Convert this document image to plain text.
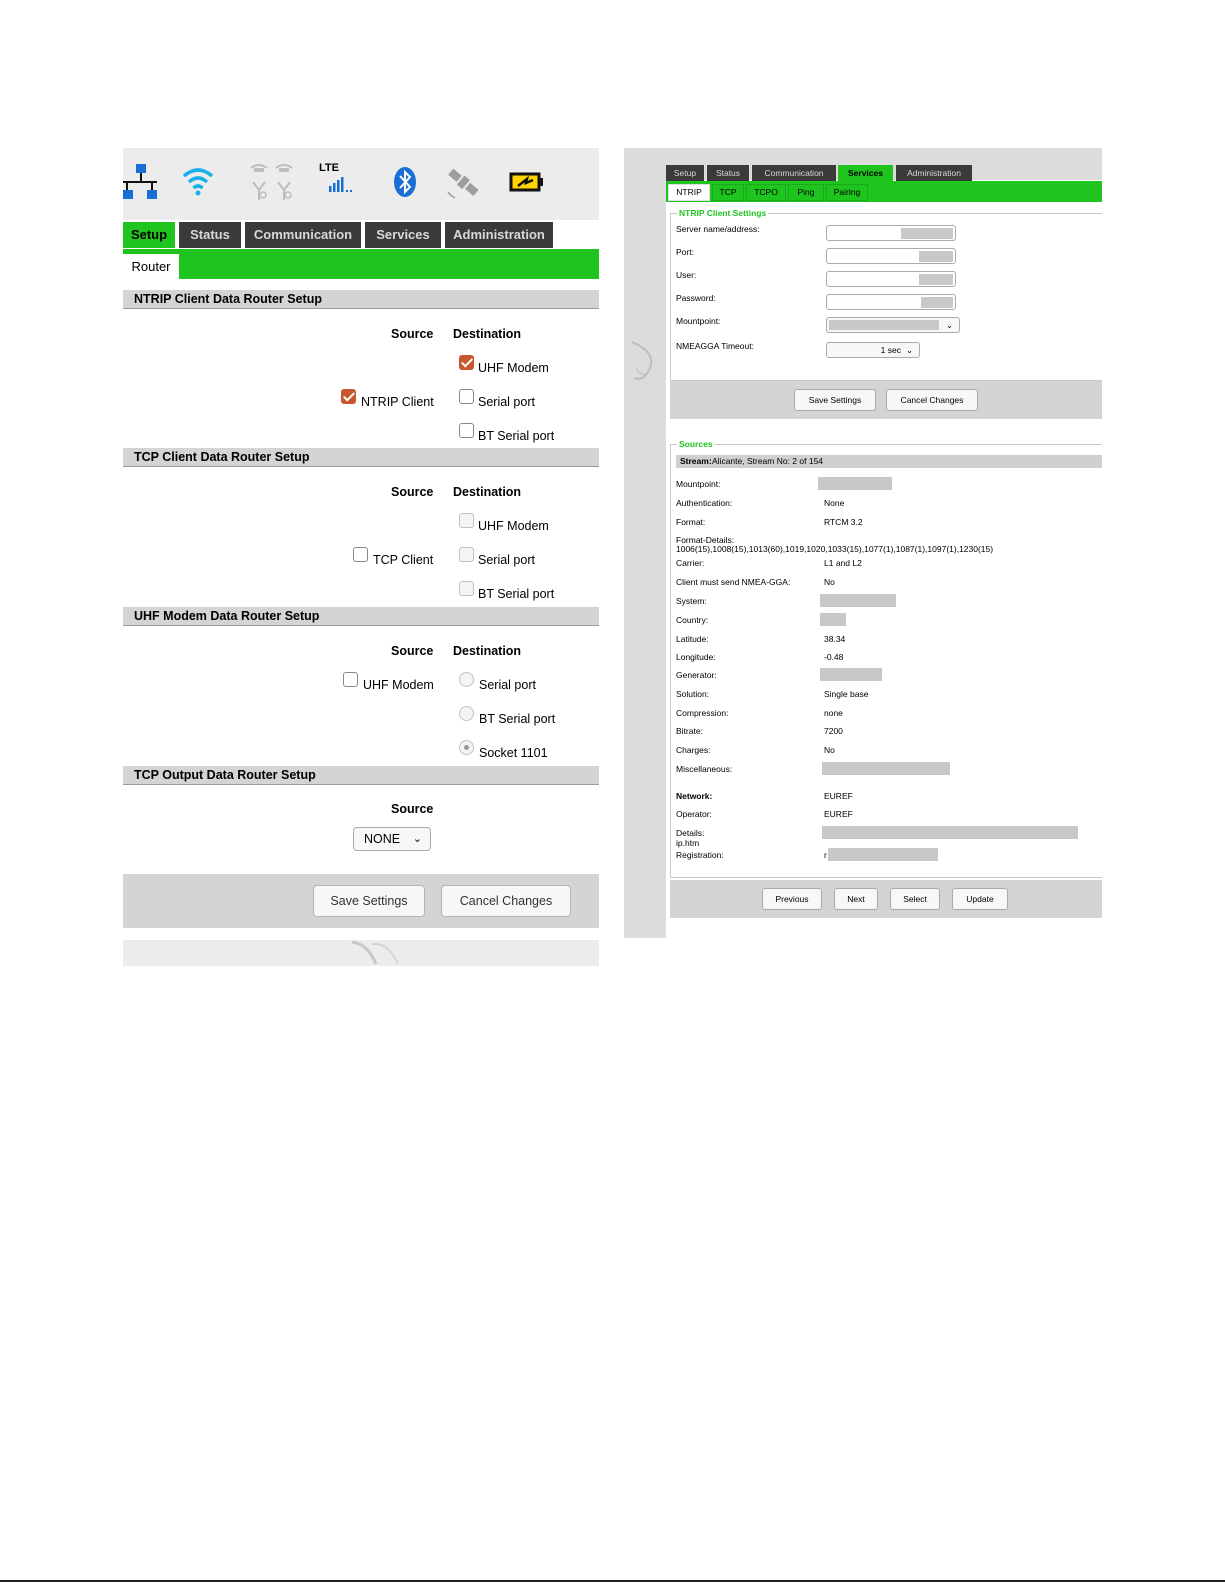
LTE
Setup	Status	Communication	Services	Administration
Router
NTRIP Client Data Router Setup
Source Destination
UHF Modem
NTRIP Client	Serial port
BT Serial port
TCP Client Data Router Setup
Source Destination
UHF Modem
TCP Client	Serial port
BT Serial port
UHF Modem Data Router Setup
Source Destination
UHF Modem	Serial port
BT Serial port
Socket 1101
TCP Output Data Router Setup
Source
NONE ⌄
Save Settings	Cancel Changes
Setup	Status	Communication	Services	Administration
NTRIP	TCP	TCPO	Ping	Pairing
NTRIP Client Settings
Server name/address:
Port:
User:
Password:
Mountpoint:	⌄
NMEAGGA Timeout:	1 sec ⌄
Save Settings	Cancel Changes
Sources
Stream: Alicante, Stream No: 2 of 154
Mountpoint:
Authentication:	None
Format:	RTCM 3.2
Format-Details:
1006(15),1008(15),1013(60),1019,1020,1033(15),1077(1),1087(1),1097(1),1230(15)
Carrier:	L1 and L2
Client must send NMEA-GGA:	No
System:
Country:
Latitude:	38.34
Longitude:	-0.48
Generator:
Solution:	Single base
Compression:	none
Bitrate:	7200
Charges:	No
Miscellaneous:
Network:	EUREF
Operator:	EUREF
Details:
ip.htm
Registration:	r
Previous	Next	Select	Update
